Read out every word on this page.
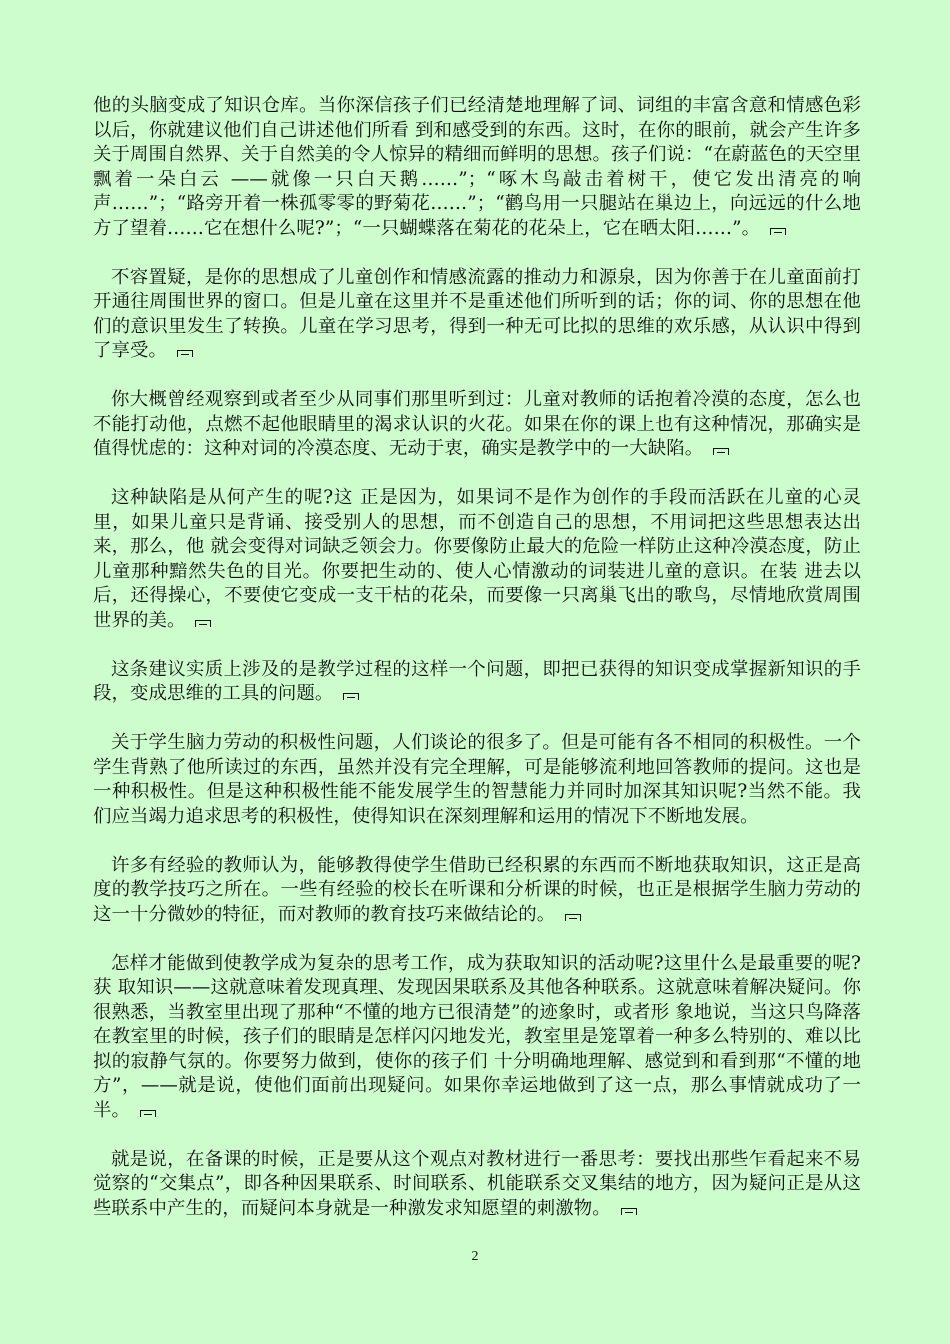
他的头脑变成了知识仓库。当你深信孩子们已经清楚地理解了词、词组的丰富含意和情感色彩以后，你就建议他们自己讲述他们所看 到和感受到的东西。这时，在你的眼前，就会产生许多关于周围自然界、关于自然美的令人惊异的精细而鲜明的思想。孩子们说：“在蔚蓝色的天空里飘着一朵白云 ——就像一只白天鹅……”；“啄木鸟敲击着树干，使它发出清亮的响声……”；“路旁开着一株孤零零的野菊花……”；“鹳鸟用一只腿站在巢边上，向远远的什么地方了望着……它在想什么呢?”；“一只蝴蝶落在菊花的花朵上，它在晒太阳……”。

不容置疑，是你的思想成了儿童创作和情感流露的推动力和源泉，因为你善于在儿童面前打开通往周围世界的窗口。但是儿童在这里并不是重述他们所听到的话；你的词、你的思想在他们的意识里发生了转换。儿童在学习思考，得到一种无可比拟的思维的欢乐感，从认识中得到了享受。

你大概曾经观察到或者至少从同事们那里听到过：儿童对教师的话抱着冷漠的态度，怎么也不能打动他，点燃不起他眼睛里的渴求认识的火花。如果在你的课上也有这种情况，那确实是值得忧虑的：这种对词的冷漠态度、无动于衷，确实是教学中的一大缺陷。

这种缺陷是从何产生的呢?这 正是因为，如果词不是作为创作的手段而活跃在儿童的心灵里，如果儿童只是背诵、接受别人的思想，而不创造自己的思想，不用词把这些思想表达出来，那么，他 就会变得对词缺乏领会力。你要像防止最大的危险一样防止这种冷漠态度，防止儿童那种黯然失色的目光。你要把生动的、使人心情激动的词装进儿童的意识。在装 进去以后，还得操心，不要使它变成一支干枯的花朵，而要像一只离巢飞出的歌鸟，尽情地欣赏周围世界的美。

这条建议实质上涉及的是教学过程的这样一个问题，即把已获得的知识变成掌握新知识的手段，变成思维的工具的问题。

关于学生脑力劳动的积极性问题，人们谈论的很多了。但是可能有各不相同的积极性。一个学生背熟了他所读过的东西，虽然并没有完全理解，可是能够流利地回答教师的提问。这也是一种积极性。但是这种积极性能不能发展学生的智慧能力并同时加深其知识呢?当然不能。我们应当竭力追求思考的积极性，使得知识在深刻理解和运用的情况下不断地发展。

许多有经验的教师认为，能够教得使学生借助已经积累的东西而不断地获取知识，这正是高度的教学技巧之所在。一些有经验的校长在听课和分析课的时候，也正是根据学生脑力劳动的这一十分微妙的特征，而对教师的教育技巧来做结论的。

怎样才能做到使教学成为复杂的思考工作，成为获取知识的活动呢?这里什么是最重要的呢?获 取知识——这就意味着发现真理、发现因果联系及其他各种联系。这就意味着解决疑问。你很熟悉，当教室里出现了那种“不懂的地方已很清楚”的迹象时，或者形 象地说，当这只鸟降落在教室里的时候，孩子们的眼睛是怎样闪闪地发光，教室里是笼罩着一种多么特别的、难以比拟的寂静气氛的。你要努力做到，使你的孩子们 十分明确地理解、感觉到和看到那“不懂的地方”，——就是说，使他们面前出现疑问。如果你幸运地做到了这一点，那么事情就成功了一半。

就是说，在备课的时候，正是要从这个观点对教材进行一番思考：要找出那些乍看起来不易觉察的“交集点”，即各种因果联系、时间联系、机能联系交叉集结的地方，因为疑问正是从这些联系中产生的，而疑问本身就是一种激发求知愿望的刺激物。

2
